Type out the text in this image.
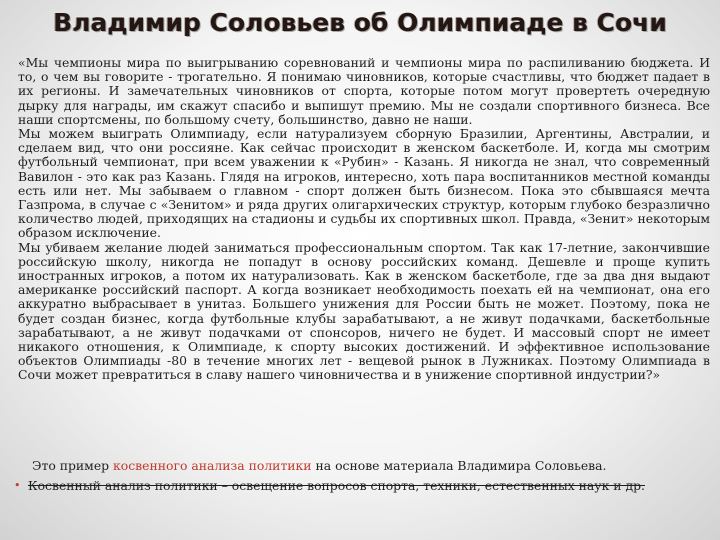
Владимир Соловьев об Олимпиаде в Сочи

«Мы чемпионы мира по выигрыванию соревнований и чемпионы мира по распиливанию бюджета. И то, о чем вы говорите - трогательно. Я понимаю чиновников, которые счастливы, что бюджет падает в их регионы. И замечательных чиновников от спорта, которые потом могут провертеть очередную дырку для награды, им скажут спасибо и выпишут премию. Мы не создали спортивного бизнеса. Все наши спортсмены, по большому счету, большинство, давно не наши.

Мы можем выиграть Олимпиаду, если натурализуем сборную Бразилии, Аргентины, Австралии, и сделаем вид, что они россияне. Как сейчас происходит в женском баскетболе. И, когда мы смотрим футбольный чемпионат, при всем уважении к «Рубин» - Казань. Я никогда не знал, что современный Вавилон - это как раз Казань. Глядя на игроков, интересно, хоть пара воспитанников местной команды есть или нет. Мы забываем о главном - спорт должен быть бизнесом. Пока это сбывшаяся мечта Газпрома, в случае с «Зенитом» и ряда других олигархических структур, которым глубоко безразлично количество людей, приходящих на стадионы и судьбы их спортивных школ. Правда, «Зенит» некоторым образом исключение.

Мы убиваем желание людей заниматься профессиональным спортом. Так как 17-летние, закончившие российскую школу, никогда не попадут в основу российских команд. Дешевле и проще купить иностранных игроков, а потом их натурализовать. Как в женском баскетболе, где за два дня выдают американке российский паспорт. А когда возникает необходимость поехать ей на чемпионат, она его аккуратно выбрасывает в унитаз. Большего унижения для России быть не может. Поэтому, пока не будет создан бизнес, когда футбольные клубы зарабатывают, а не живут подачками, баскетбольные зарабатывают, а не живут подачками от спонсоров, ничего не будет. И массовый спорт не имеет никакого отношения, к Олимпиаде, к спорту высоких достижений. И эффективное использование объектов Олимпиады -80 в течение многих лет - вещевой рынок в Лужниках. Поэтому Олимпиада в Сочи может превратиться в славу нашего чиновничества и в унижение спортивной индустрии?»

Это пример косвенного анализа политики на основе материала Владимира Соловьева.

• Косвенный анализ политики – освещение вопросов спорта, техники, естественных наук и др.
